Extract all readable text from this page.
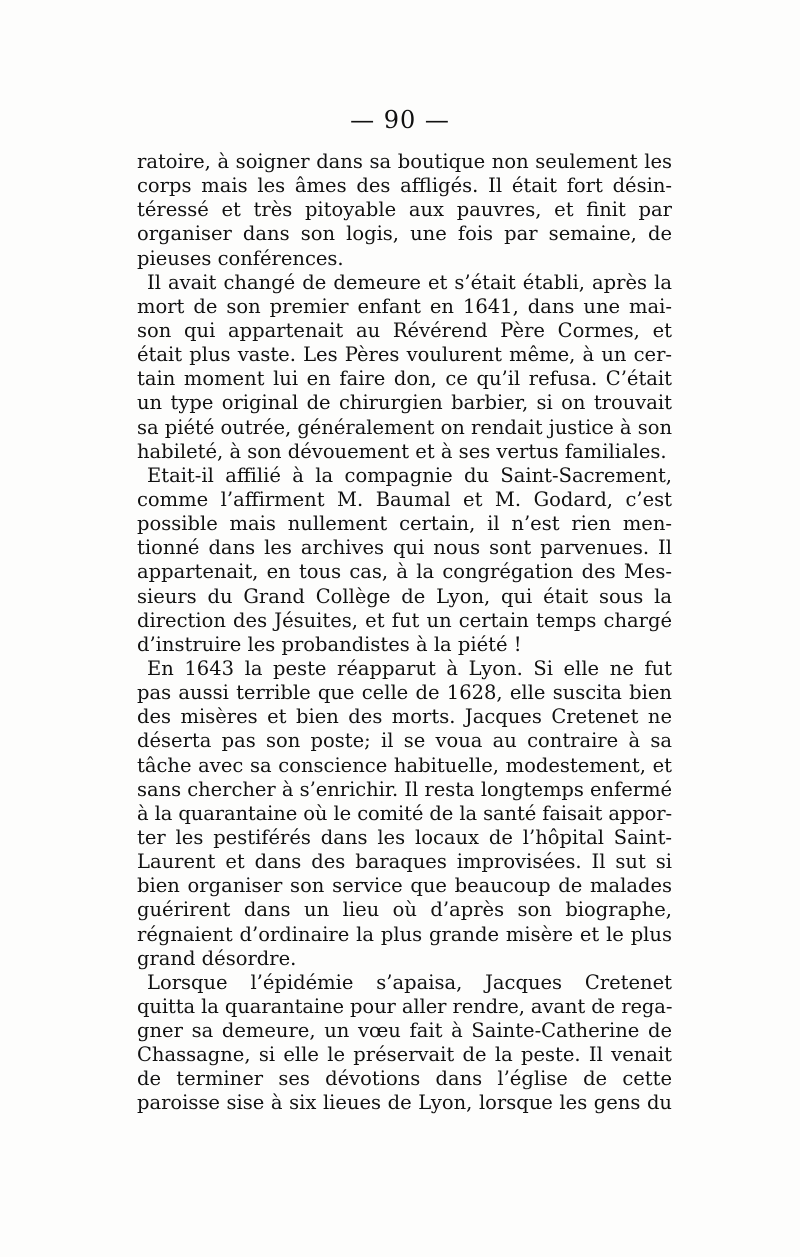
— 90 —
ratoire, à soigner dans sa boutique non seulement les
corps mais les âmes des affligés. Il était fort désin-
téressé et très pitoyable aux pauvres, et finit par
organiser dans son logis, une fois par semaine, de
pieuses conférences.
Il avait changé de demeure et s’était établi, après la
mort de son premier enfant en 1641, dans une mai-
son qui appartenait au Révérend Père Cormes, et
était plus vaste. Les Pères voulurent même, à un cer-
tain moment lui en faire don, ce qu’il refusa. C’était
un type original de chirurgien barbier, si on trouvait
sa piété outrée, généralement on rendait justice à son
habileté, à son dévouement et à ses vertus familiales.
Etait-il affilié à la compagnie du Saint-Sacrement,
comme l’affirment M. Baumal et M. Godard, c’est
possible mais nullement certain, il n’est rien men-
tionné dans les archives qui nous sont parvenues. Il
appartenait, en tous cas, à la congrégation des Mes-
sieurs du Grand Collège de Lyon, qui était sous la
direction des Jésuites, et fut un certain temps chargé
d’instruire les probandistes à la piété !
En 1643 la peste réapparut à Lyon. Si elle ne fut
pas aussi terrible que celle de 1628, elle suscita bien
des misères et bien des morts. Jacques Cretenet ne
déserta pas son poste; il se voua au contraire à sa
tâche avec sa conscience habituelle, modestement, et
sans chercher à s’enrichir. Il resta longtemps enfermé
à la quarantaine où le comité de la santé faisait appor-
ter les pestiférés dans les locaux de l’hôpital Saint-
Laurent et dans des baraques improvisées. Il sut si
bien organiser son service que beaucoup de malades
guérirent dans un lieu où d’après son biographe,
régnaient d’ordinaire la plus grande misère et le plus
grand désordre.
Lorsque l’épidémie s’apaisa, Jacques Cretenet
quitta la quarantaine pour aller rendre, avant de rega-
gner sa demeure, un vœu fait à Sainte-Catherine de
Chassagne, si elle le préservait de la peste. Il venait
de terminer ses dévotions dans l’église de cette
paroisse sise à six lieues de Lyon, lorsque les gens du
